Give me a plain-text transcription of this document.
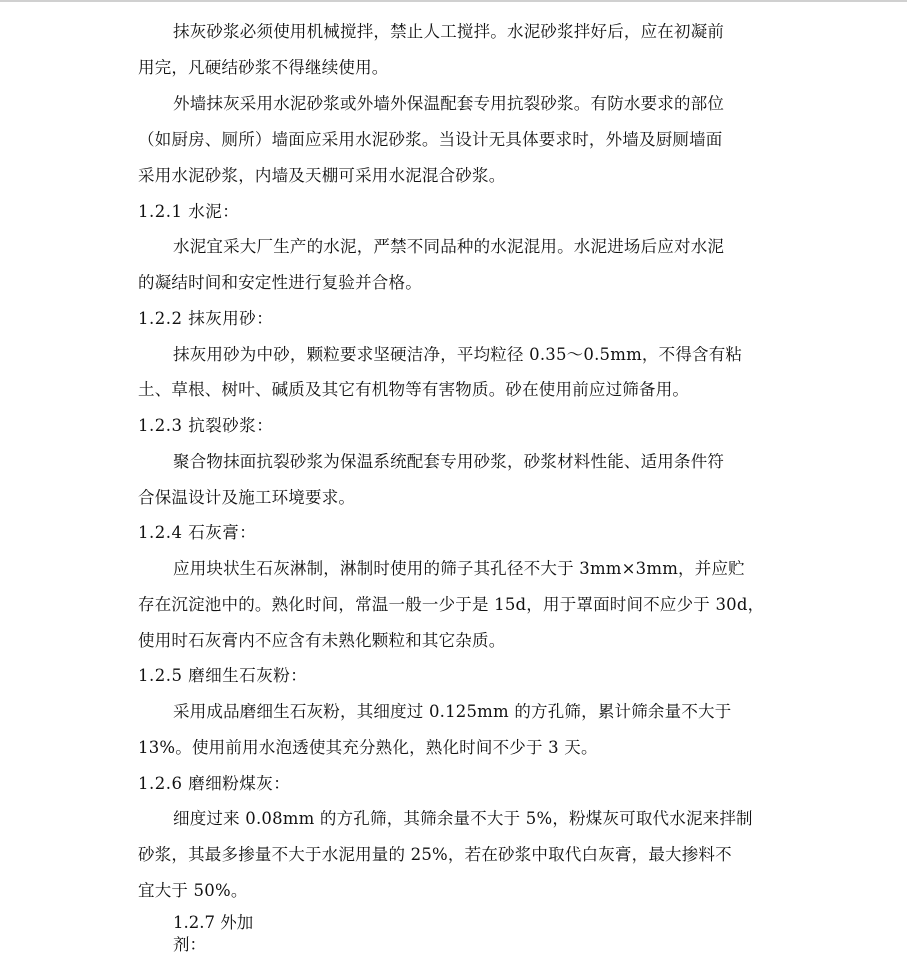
抹灰砂浆必须使用机械搅拌，禁止人工搅拌。水泥砂浆拌好后，应在初凝前
用完，凡硬结砂浆不得继续使用。
外墙抹灰采用水泥砂浆或外墙外保温配套专用抗裂砂浆。有防水要求的部位
（如厨房、厕所）墙面应采用水泥砂浆。当设计无具体要求时，外墙及厨厕墙面
采用水泥砂浆，内墙及天棚可采用水泥混合砂浆。
1.2.1 水泥：
水泥宜采大厂生产的水泥，严禁不同品种的水泥混用。水泥进场后应对水泥
的凝结时间和安定性进行复验并合格。
1.2.2 抹灰用砂：
抹灰用砂为中砂，颗粒要求坚硬洁净，平均粒径 0.35～0.5mm，不得含有粘
土、草根、树叶、碱质及其它有机物等有害物质。砂在使用前应过筛备用。
1.2.3 抗裂砂浆：
聚合物抹面抗裂砂浆为保温系统配套专用砂浆，砂浆材料性能、适用条件符
合保温设计及施工环境要求。
1.2.4 石灰膏：
应用块状生石灰淋制，淋制时使用的筛子其孔径不大于 3mm×3mm，并应贮
存在沉淀池中的。熟化时间，常温一般一少于是 15d，用于罩面时间不应少于 30d，
使用时石灰膏内不应含有未熟化颗粒和其它杂质。
1.2.5 磨细生石灰粉：
采用成品磨细生石灰粉，其细度过 0.125mm 的方孔筛，累计筛余量不大于
13%。使用前用水泡透使其充分熟化，熟化时间不少于 3 天。
1.2.6 磨细粉煤灰：
细度过来 0.08mm 的方孔筛，其筛余量不大于 5%，粉煤灰可取代水泥来拌制
砂浆，其最多掺量不大于水泥用量的 25%，若在砂浆中取代白灰膏，最大掺料不
宜大于 50%。
1.2.7 外加剂：
